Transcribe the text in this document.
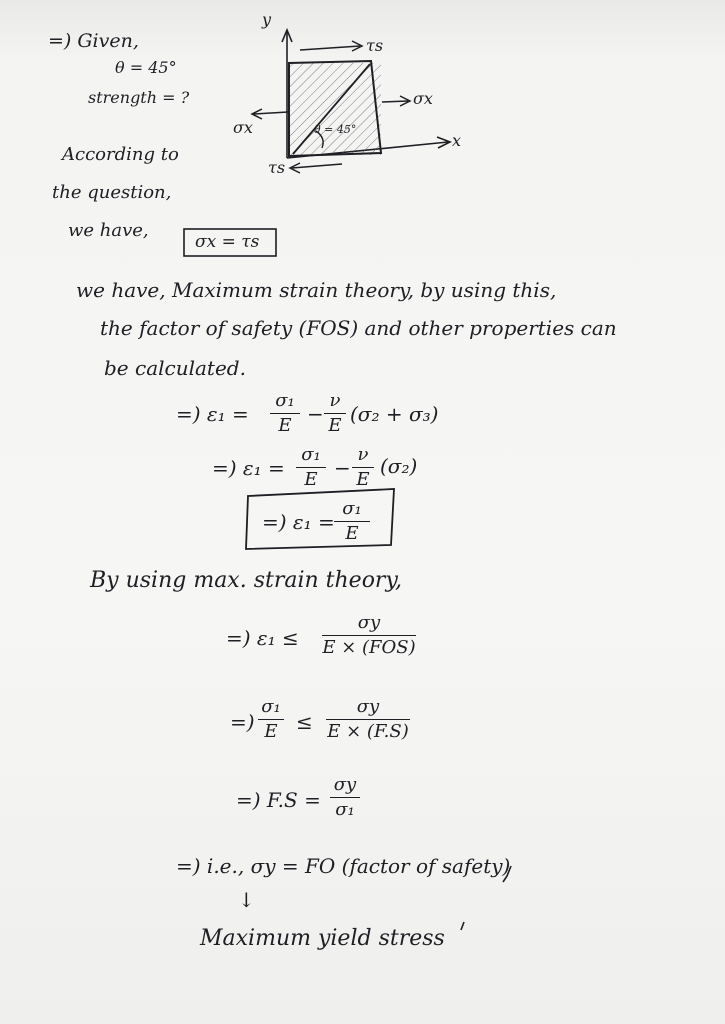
=) Given,
θ = 45°
strength = ?
y
x
τs
τs
σx
σx	θ = 45°
According to
the question,
we have,
σx = τs
we have, Maximum strain theory, by using this,
the factor of safety (FOS) and other properties can
be calculated.
=) ε₁ =
σ₁
E −
ν
E (σ₂ + σ₃)
=) ε₁ =
σ₁
E −
ν
E
(σ₂)
=) ε₁ =
σ₁
E
By using max. strain theory,
=) ε₁ ≤
σy
E × (FOS)
=)
σ₁
E ≤
σy
E × (F.S)
=) F.S =
σy
σ₁
=) i.e., σy = FO (factor of safety)
↓
Maximum yield stress
